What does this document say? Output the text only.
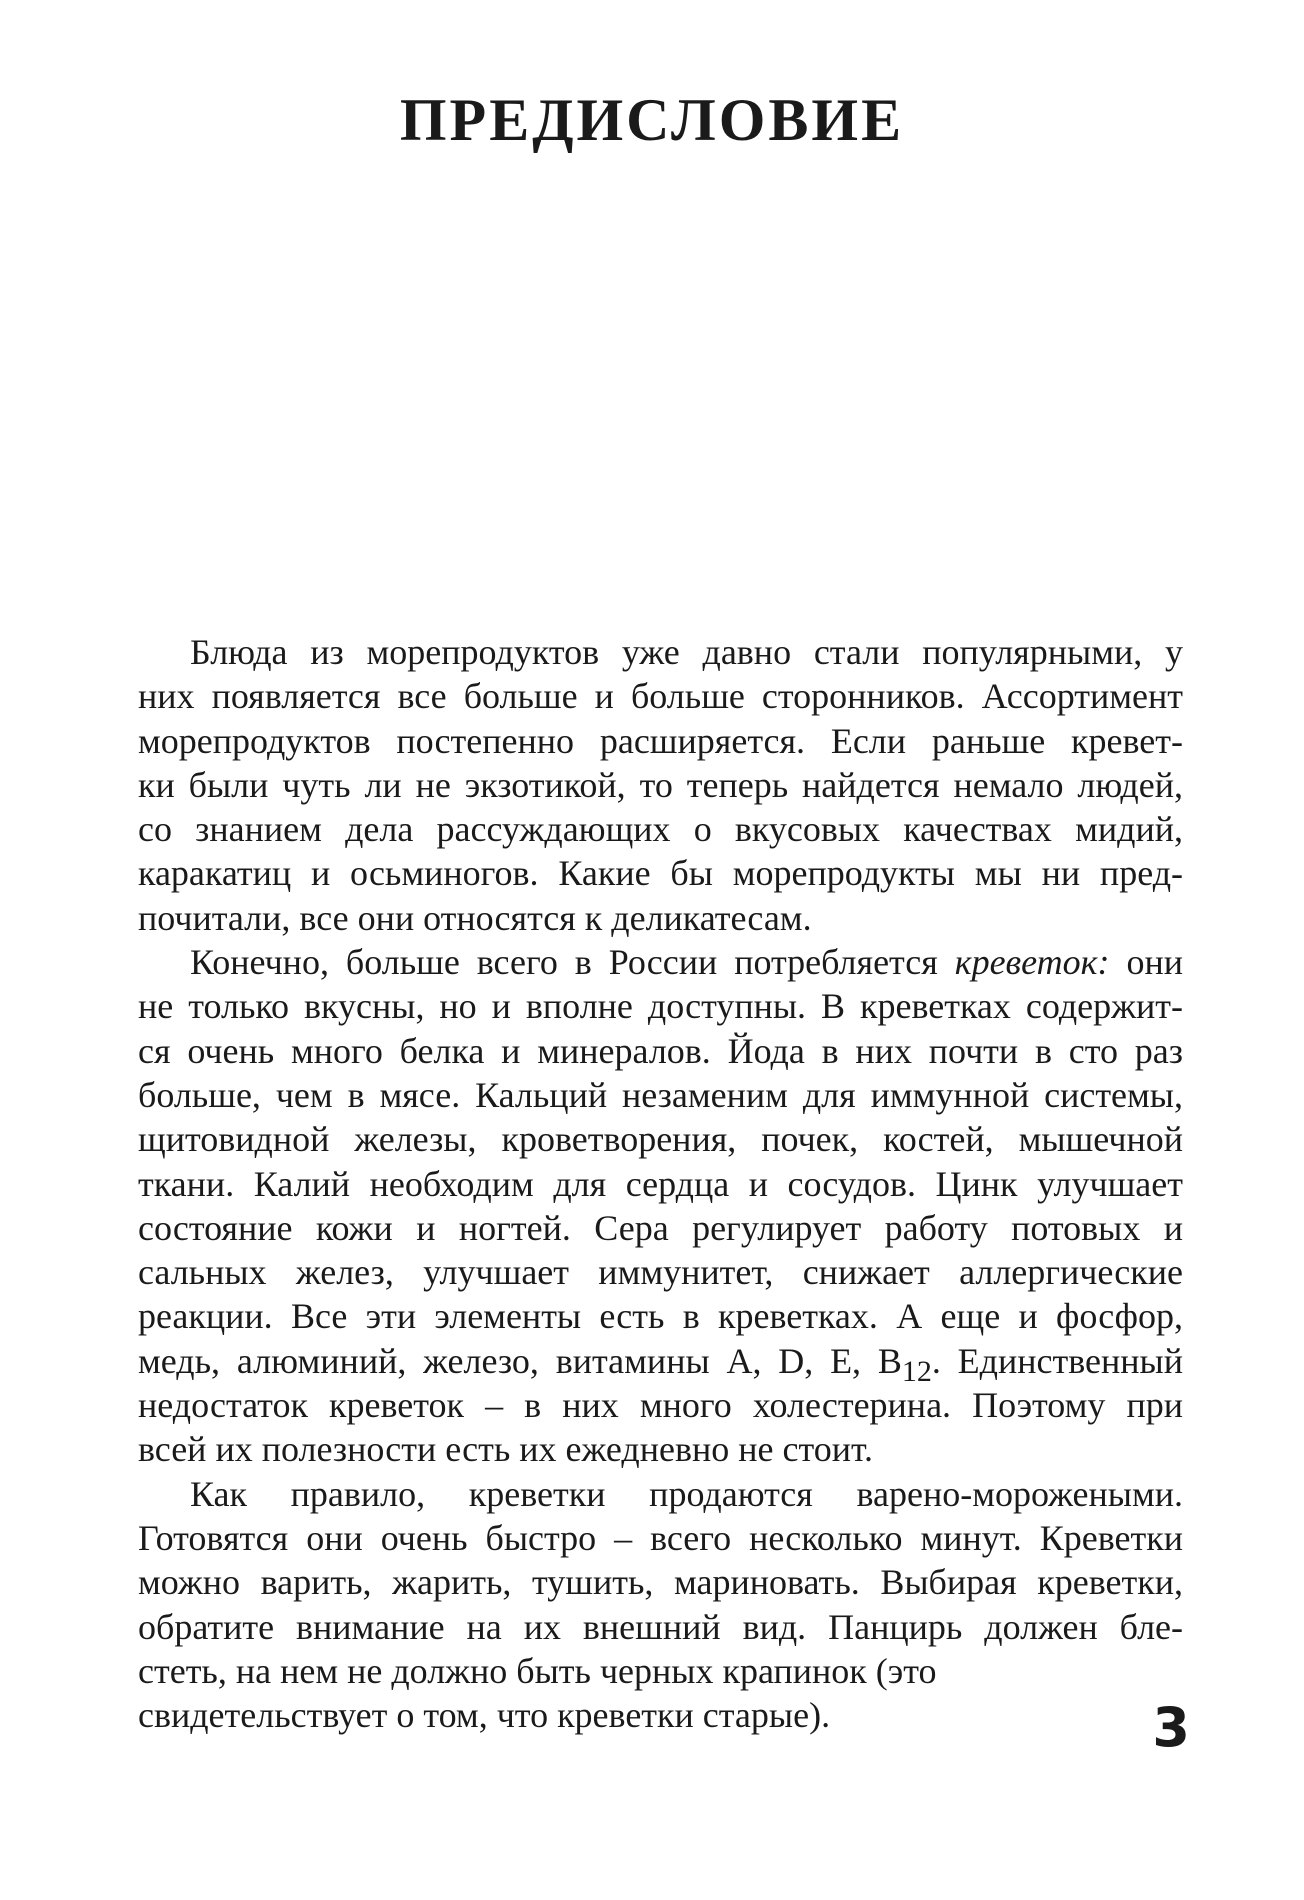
ПРЕДИСЛОВИЕ
Блюда из морепродуктов уже давно стали популярными, у
них появляется все больше и больше сторонников. Ассортимент
морепродуктов постепенно расширяется. Если раньше кревет-
ки были чуть ли не экзотикой, то теперь найдется немало людей,
со знанием дела рассуждающих о вкусовых качествах мидий,
каракатиц и осьминогов. Какие бы морепродукты мы ни пред-
почитали, все они относятся к деликатесам.
Конечно, больше всего в России потребляется креветок: они
не только вкусны, но и вполне доступны. В креветках содержит-
ся очень много белка и минералов. Йода в них почти в сто раз
больше, чем в мясе. Кальций незаменим для иммунной системы,
щитовидной железы, кроветворения, почек, костей, мышечной
ткани. Калий необходим для сердца и сосудов. Цинк улучшает
состояние кожи и ногтей. Сера регулирует работу потовых и
сальных желез, улучшает иммунитет, снижает аллергические
реакции. Все эти элементы есть в креветках. А еще и фосфор,
медь, алюминий, железо, витамины A, D, E, $B_{12}$. Единственный
недостаток креветок – в них много холестерина. Поэтому при
всей их полезности есть их ежедневно не стоит.
Как правило, креветки продаются варено-морожеными.
Готовятся они очень быстро – всего несколько минут. Креветки
можно варить, жарить, тушить, мариновать. Выбирая креветки,
обратите внимание на их внешний вид. Панцирь должен бле-
стеть, на нем не должно быть черных крапинок (это
свидетельствует о том, что креветки старые).	3
